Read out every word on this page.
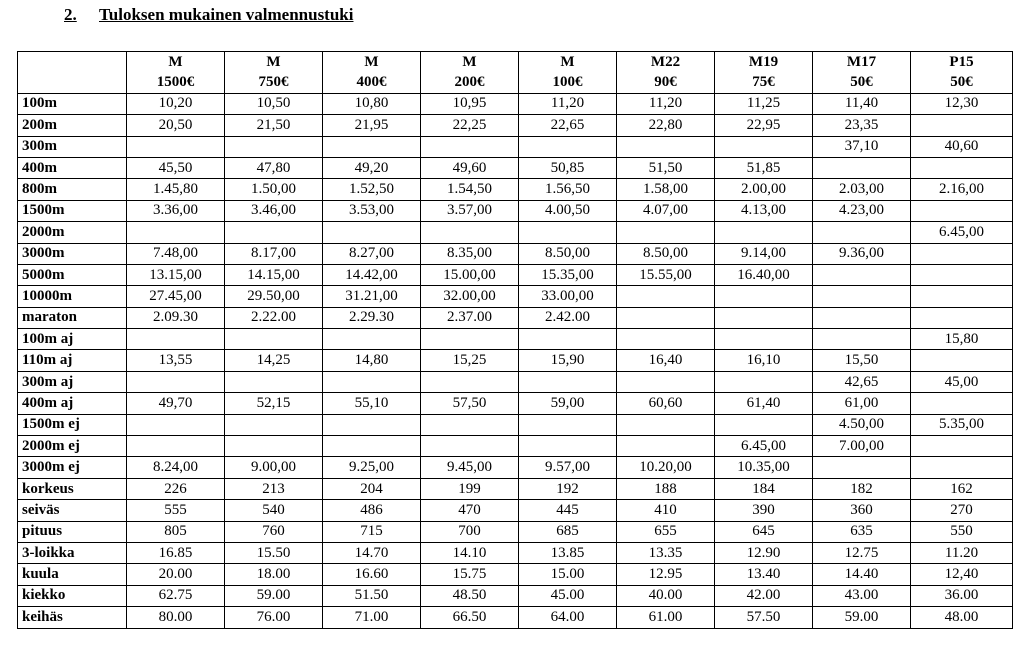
2. Tuloksen mukainen valmennustuki
	M	M	M	M	M	M22	M19	M17	P15
	1500€	750€	400€	200€	100€	90€	75€	50€	50€
100m	10,20	10,50	10,80	10,95	11,20	11,20	11,25	11,40	12,30
200m	20,50	21,50	21,95	22,25	22,65	22,80	22,95	23,35	
300m								37,10	40,60
400m	45,50	47,80	49,20	49,60	50,85	51,50	51,85		
800m	1.45,80	1.50,00	1.52,50	1.54,50	1.56,50	1.58,00	2.00,00	2.03,00	2.16,00
1500m	3.36,00	3.46,00	3.53,00	3.57,00	4.00,50	4.07,00	4.13,00	4.23,00	
2000m									6.45,00
3000m	7.48,00	8.17,00	8.27,00	8.35,00	8.50,00	8.50,00	9.14,00	9.36,00	
5000m	13.15,00	14.15,00	14.42,00	15.00,00	15.35,00	15.55,00	16.40,00		
10000m	27.45,00	29.50,00	31.21,00	32.00,00	33.00,00				
maraton	2.09.30	2.22.00	2.29.30	2.37.00	2.42.00				
100m aj									15,80
110m aj	13,55	14,25	14,80	15,25	15,90	16,40	16,10	15,50	
300m aj								42,65	45,00
400m aj	49,70	52,15	55,10	57,50	59,00	60,60	61,40	61,00	
1500m ej								4.50,00	5.35,00
2000m ej							6.45,00	7.00,00	
3000m ej	8.24,00	9.00,00	9.25,00	9.45,00	9.57,00	10.20,00	10.35,00		
korkeus	226	213	204	199	192	188	184	182	162
seiväs	555	540	486	470	445	410	390	360	270
pituus	805	760	715	700	685	655	645	635	550
3-loikka	16.85	15.50	14.70	14.10	13.85	13.35	12.90	12.75	11.20
kuula	20.00	18.00	16.60	15.75	15.00	12.95	13.40	14.40	12,40
kiekko	62.75	59.00	51.50	48.50	45.00	40.00	42.00	43.00	36.00
keihäs	80.00	76.00	71.00	66.50	64.00	61.00	57.50	59.00	48.00
